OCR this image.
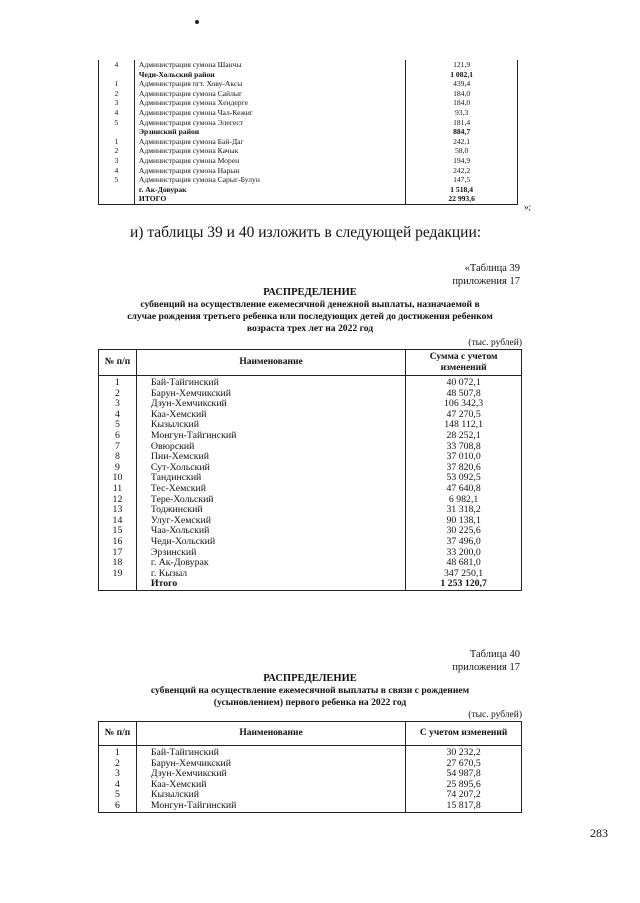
4	Администрация сумона Шанчы	121,9
	Чеди-Хольский район	1 082,1
1	Администрация пгт. Хову-Аксы	439,4
2	Администрация сумона Сайлыг	184,0
3	Администрация сумона Хендерге	184,0
4	Администрация сумона Чал-Кежиг	93,3
5	Администрация сумона Элегест	181,4
	Эрзинский район	884,7
1	Администрация сумона Бай-Даг	242,1
2	Администрация сумона Качык	58,0
3	Администрация сумона Морен	194,9
4	Администрация сумона Нарын	242,2
5	Администрация сумона Сарыг-Булун	147,5
	г. Ак-Довурак	1 518,4
	ИТОГО	22 993,6
»;
и) таблицы 39 и 40 изложить в следующей редакции:
«Таблица 39
приложения 17
РАСПРЕДЕЛЕНИЕ
субвенций на осуществление ежемесячной денежной выплаты, назначаемой в
случае рождения третьего ребенка или последующих детей до достижения ребенком
возраста трех лет на 2022 год
(тыс. рублей)
№ п/п	Наименование	Сумма с учетом изменений
1	Бай-Тайгинский	40 072,1
2	Барун-Хемчикский	48 507,8
3	Дзун-Хемчикский	106 342,3
4	Каа-Хемский	47 270,5
5	Кызылский	148 112,1
6	Монгун-Тайгинский	28 252,1
7	Овюрский	33 708,8
8	Пии-Хемский	37 010,0
9	Сут-Хольский	37 820,6
10	Тандинский	53 092,5
11	Тес-Хемский	47 640,8
12	Тере-Хольский	6 982,1
13	Тоджинский	31 318,2
14	Улуг-Хемский	90 138,1
15	Чаа-Хольский	30 225,6
16	Чеди-Хольский	37 496,0
17	Эрзинский	33 200,0
18	г. Ак-Довурак	48 681,0
19	г. Кызыл	347 250,1
	Итого	1 253 120,7
Таблица 40
приложения 17
РАСПРЕДЕЛЕНИЕ
субвенций на осуществление ежемесячной выплаты в связи с рождением
(усыновлением) первого ребенка на 2022 год
(тыс. рублей)
№ п/п	Наименование	С учетом изменений
1	Бай-Тайгинский	30 232,2
2	Барун-Хемчикский	27 670,5
3	Дзун-Хемчикский	54 987,8
4	Каа-Хемский	25 895,6
5	Кызылский	74 207,2
6	Монгун-Тайгинский	15 817,8
283
